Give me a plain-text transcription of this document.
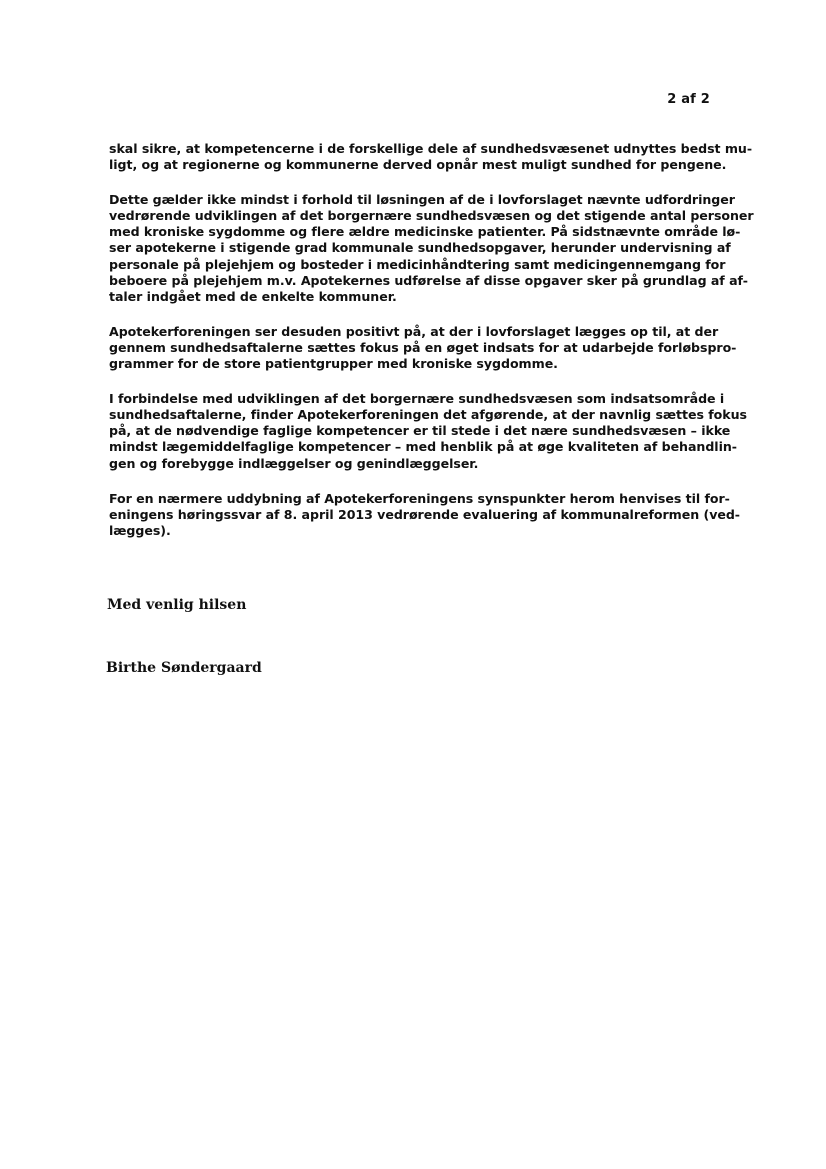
2 af 2

skal sikre, at kompetencerne i de forskellige dele af sundhedsvæsenet udnyttes bedst mu-
ligt, og at regionerne og kommunerne derved opnår mest muligt sundhed for pengene.

Dette gælder ikke mindst i forhold til løsningen af de i lovforslaget nævnte udfordringer
vedrørende udviklingen af det borgernære sundhedsvæsen og det stigende antal personer
med kroniske sygdomme og flere ældre medicinske patienter. På sidstnævnte område lø-
ser apotekerne i stigende grad kommunale sundhedsopgaver, herunder undervisning af
personale på plejehjem og bosteder i medicinhåndtering samt medicingennemgang for
beboere på plejehjem m.v. Apotekernes udførelse af disse opgaver sker på grundlag af af-
taler indgået med de enkelte kommuner.

Apotekerforeningen ser desuden positivt på, at der i lovforslaget lægges op til, at der
gennem sundhedsaftalerne sættes fokus på en øget indsats for at udarbejde forløbspro-
grammer for de store patientgrupper med kroniske sygdomme.

I forbindelse med udviklingen af det borgernære sundhedsvæsen som indsatsområde i
sundhedsaftalerne, finder Apotekerforeningen det afgørende, at der navnlig sættes fokus
på, at de nødvendige faglige kompetencer er til stede i det nære sundhedsvæsen – ikke
mindst lægemiddelfaglige kompetencer – med henblik på at øge kvaliteten af behandlin-
gen og forebygge indlæggelser og genindlæggelser.

For en nærmere uddybning af Apotekerforeningens synspunkter herom henvises til for-
eningens høringssvar af 8. april 2013 vedrørende evaluering af kommunalreformen (ved-
lægges).

Med venlig hilsen
Birthe Søndergaard
